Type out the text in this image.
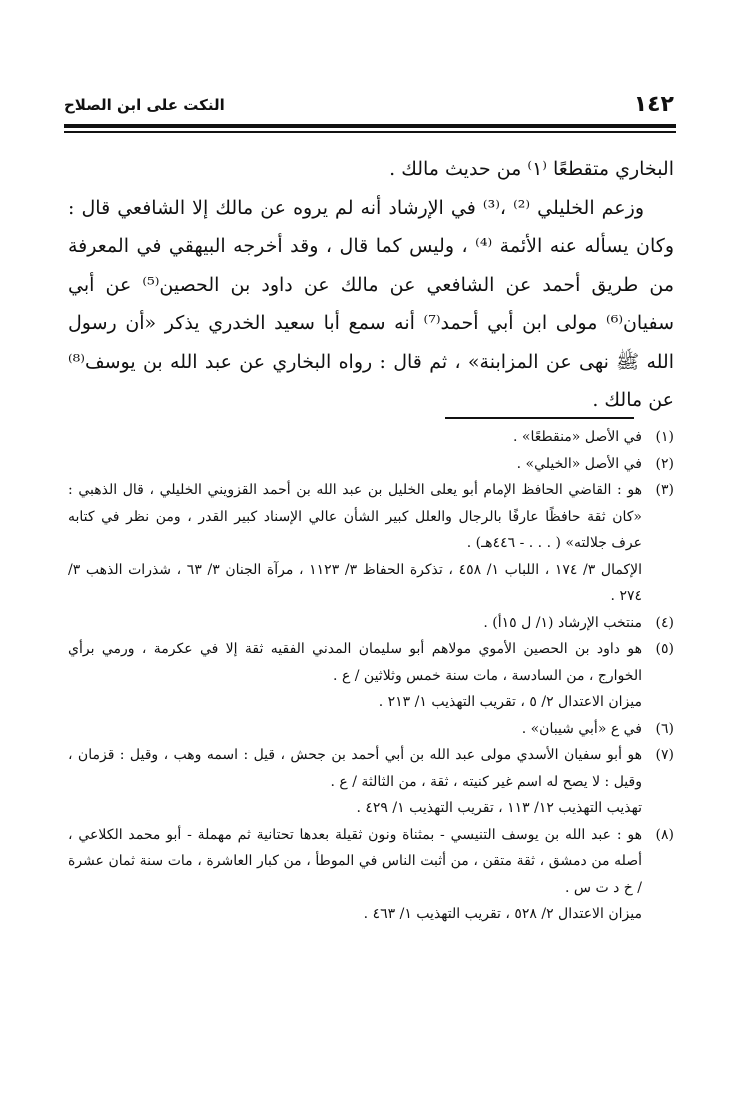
النكت على ابن الصلاح	١٤٢

البخاري متقطعًا ⁽١⁾ من حديث مالك .

وزعم الخليلي ⁽²⁾ ،⁽³⁾ في الإرشاد أنه لم يروه عن مالك إلا الشافعي قال : وكان يسأله عنه الأئمة ⁽⁴⁾ ، وليس كما قال ، وقد أخرجه البيهقي في المعرفة من طريق أحمد عن الشافعي عن مالك عن داود بن الحصين⁽⁵⁾ عن أبي سفيان⁽⁶⁾ مولى ابن أبي أحمد⁽⁷⁾ أنه سمع أبا سعيد الخدري يذكر «أن رسول الله ﷺ نهى عن المزابنة» ، ثم قال : رواه البخاري عن عبد الله بن يوسف⁽⁸⁾ عن مالك .

(١)
في الأصل «منقطعًا» .
(٢)
في الأصل «الخيلي» .
(٣)
هو : القاضي الحافظ الإمام أبو يعلى الخليل بن عبد الله بن أحمد القزويني الخليلي ، قال الذهبي : «كان ثقة حافظًا عارفًا بالرجال والعلل كبير الشأن عالي الإسناد كبير القدر ، ومن نظر في كتابه عرف جلالته» ( . . . - ٤٤٦هـ) .
الإكمال ٣/ ١٧٤ ، اللباب ١/ ٤٥٨ ، تذكرة الحفاظ ٣/ ١١٢٣ ، مرآة الجنان ٣/ ٦٣ ، شذرات الذهب ٣/ ٢٧٤ .
(٤)
منتخب الإرشاد (١/ ل ١٥أ) .
(٥)
هو داود بن الحصين الأموي مولاهم أبو سليمان المدني الفقيه ثقة إلا في عكرمة ، ورمي برأي الخوارج ، من السادسة ، مات سنة خمس وثلاثين / ع .
ميزان الاعتدال ٢/ ٥ ، تقريب التهذيب ١/ ٢١٣ .
(٦)
في ع «أبي شيبان» .
(٧)
هو أبو سفيان الأسدي مولى عبد الله بن أبي أحمد بن جحش ، قيل : اسمه وهب ، وقيل : قزمان ، وقيل : لا يصح له اسم غير كنيته ، ثقة ، من الثالثة / ع .
تهذيب التهذيب ١٢/ ١١٣ ، تقريب التهذيب ١/ ٤٢٩ .
(٨)
هو : عبد الله بن يوسف التنيسي - بمثناة ونون ثقيلة بعدها تحتانية ثم مهملة - أبو محمد الكلاعي ، أصله من دمشق ، ثقة متقن ، من أثبت الناس في الموطأ ، من كبار العاشرة ، مات سنة ثمان عشرة / خ د ت س .
ميزان الاعتدال ٢/ ٥٢٨ ، تقريب التهذيب ١/ ٤٦٣ .
